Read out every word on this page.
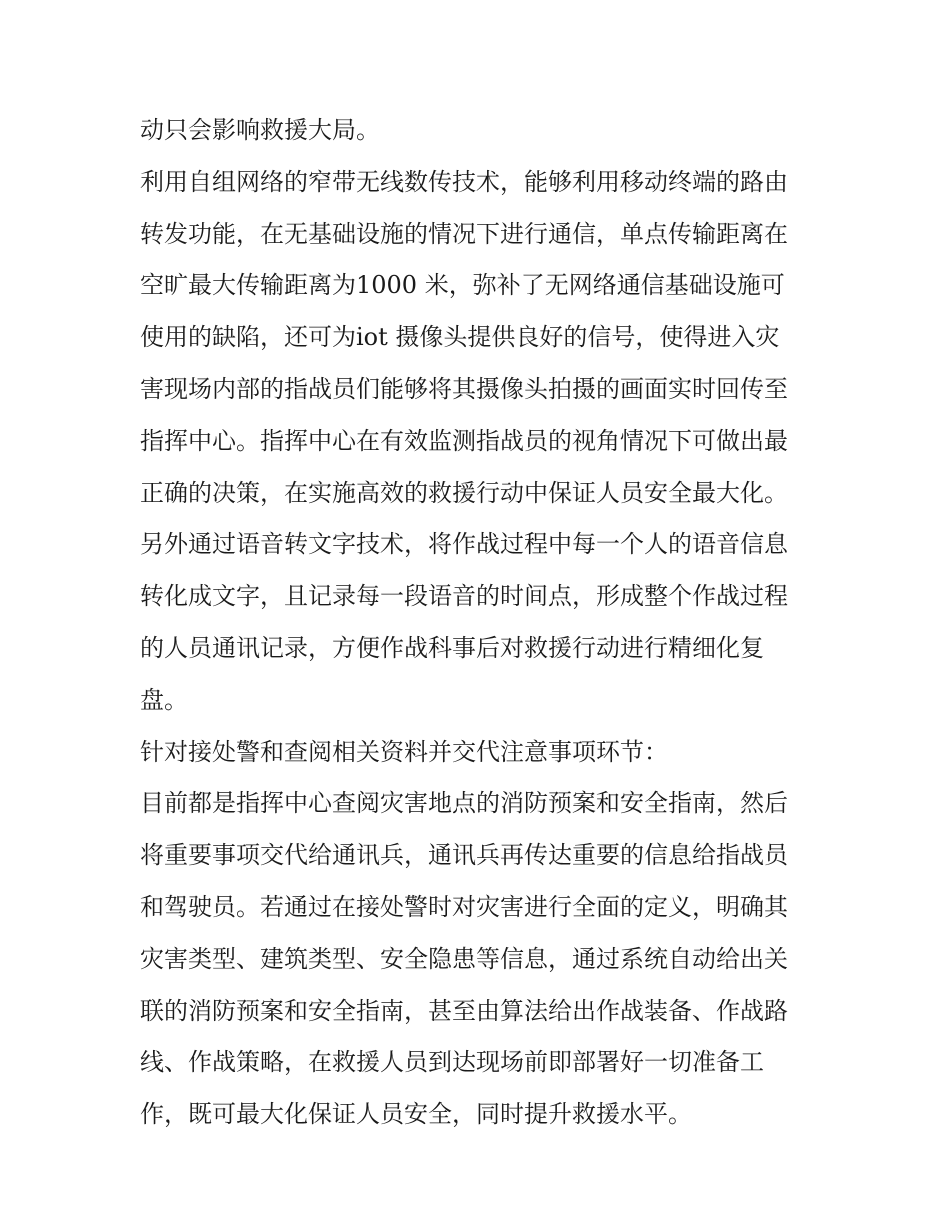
动只会影响救援大局。
利用自组网络的窄带无线数传技术，能够利用移动终端的路由
转发功能，在无基础设施的情况下进行通信，单点传输距离在
空旷最大传输距离为1000 米，弥补了无网络通信基础设施可
使用的缺陷，还可为iot 摄像头提供良好的信号，使得进入灾
害现场内部的指战员们能够将其摄像头拍摄的画面实时回传至
指挥中心。指挥中心在有效监测指战员的视角情况下可做出最
正确的决策，在实施高效的救援行动中保证人员安全最大化。
另外通过语音转文字技术，将作战过程中每一个人的语音信息
转化成文字，且记录每一段语音的时间点，形成整个作战过程
的人员通讯记录，方便作战科事后对救援行动进行精细化复
盘。
针对接处警和查阅相关资料并交代注意事项环节：
目前都是指挥中心查阅灾害地点的消防预案和安全指南，然后
将重要事项交代给通讯兵，通讯兵再传达重要的信息给指战员
和驾驶员。若通过在接处警时对灾害进行全面的定义，明确其
灾害类型、建筑类型、安全隐患等信息，通过系统自动给出关
联的消防预案和安全指南，甚至由算法给出作战装备、作战路
线、作战策略，在救援人员到达现场前即部署好一切准备工
作，既可最大化保证人员安全，同时提升救援水平。
